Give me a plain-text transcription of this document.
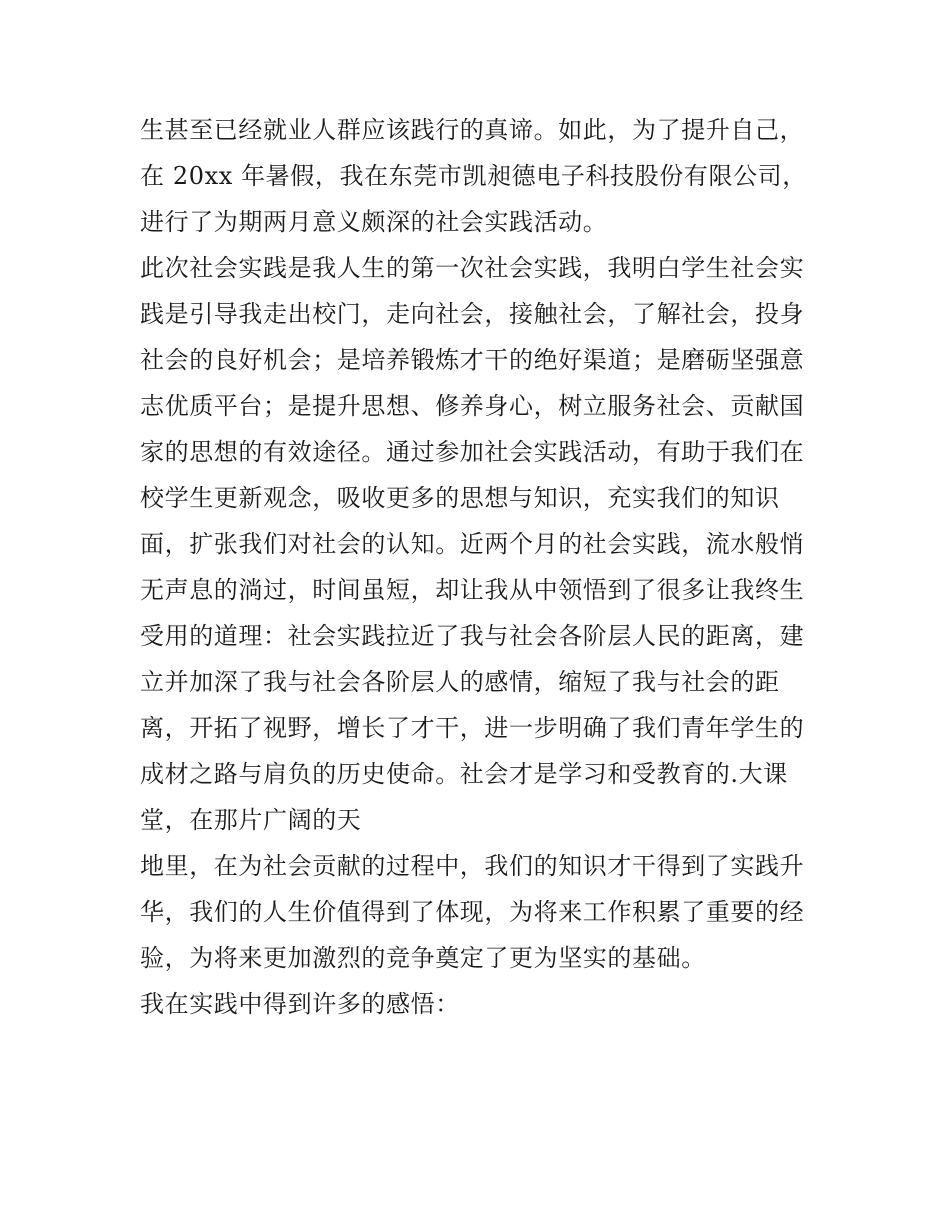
生甚至已经就业人群应该践行的真谛。如此，为了提升自己，
在 20xx 年暑假，我在东莞市凯昶德电子科技股份有限公司，
进行了为期两月意义颇深的社会实践活动。
此次社会实践是我人生的第一次社会实践，我明白学生社会实
践是引导我走出校门，走向社会，接触社会，了解社会，投身
社会的良好机会；是培养锻炼才干的绝好渠道；是磨砺坚强意
志优质平台；是提升思想、修养身心，树立服务社会、贡献国
家的思想的有效途径。通过参加社会实践活动，有助于我们在
校学生更新观念，吸收更多的思想与知识，充实我们的知识
面，扩张我们对社会的认知。近两个月的社会实践，流水般悄
无声息的淌过，时间虽短，却让我从中领悟到了很多让我终生
受用的道理：社会实践拉近了我与社会各阶层人民的距离，建
立并加深了我与社会各阶层人的感情，缩短了我与社会的距
离，开拓了视野，增长了才干，进一步明确了我们青年学生的
成材之路与肩负的历史使命。社会才是学习和受教育的.大课
堂，在那片广阔的天
地里，在为社会贡献的过程中，我们的知识才干得到了实践升
华，我们的人生价值得到了体现，为将来工作积累了重要的经
验，为将来更加激烈的竞争奠定了更为坚实的基础。
我在实践中得到许多的感悟：
